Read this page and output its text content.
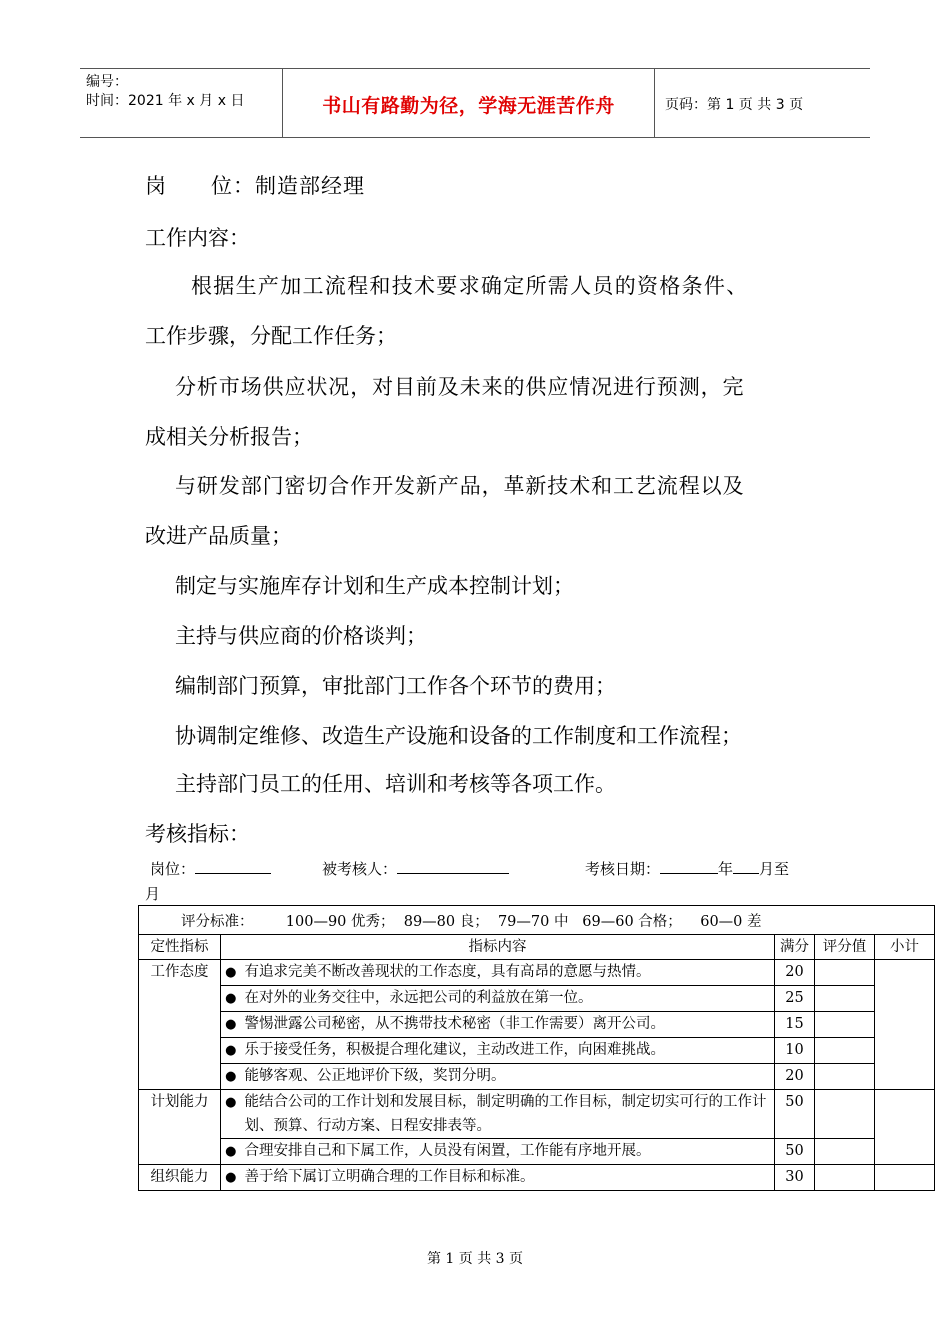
编号：
时间：2021 年 x 月 x 日	书山有路勤为径，学海无涯苦作舟	页码：第 1 页 共 3 页
岗　　位：制造部经理
工作内容：
根据生产加工流程和技术要求确定所需人员的资格条件、
工作步骤，分配工作任务；
分析市场供应状况，对目前及未来的供应情况进行预测，完
成相关分析报告；
与研发部门密切合作开发新产品，革新技术和工艺流程以及
改进产品质量；
制定与实施库存计划和生产成本控制计划；
主持与供应商的价格谈判；
编制部门预算，审批部门工作各个环节的费用；
协调制定维修、改造生产设施和设备的工作制度和工作流程；
主持部门员工的任用、培训和考核等各项工作。
考核指标：
岗位：	被考核人：	考核日期：	年 月至
月
评分标准：       100—90 优秀；  89—80 良；  79—70 中   69—60 合格；    60—0 差					
定性指标	指标内容		满分	评分值	小计
工作态度	●	有追求完美不断改善现状的工作态度，具有高昂的意愿与热情。	20		
	●	在对外的业务交往中，永远把公司的利益放在第一位。	25		
	●	警惕泄露公司秘密，从不携带技术秘密（非工作需要）离开公司。	15		
	●	乐于接受任务，积极提合理化建议，主动改进工作，向困难挑战。	10		
	●	能够客观、公正地评价下级，奖罚分明。	20		
计划能力	●	能结合公司的工作计划和发展目标，制定明确的工作目标，制定切实可行的工作计划、预算、行动方案、日程安排表等。	50		
	●	合理安排自己和下属工作，人员没有闲置，工作能有序地开展。	50		
组织能力	●	善于给下属订立明确合理的工作目标和标准。	30		
第 1 页 共 3 页
